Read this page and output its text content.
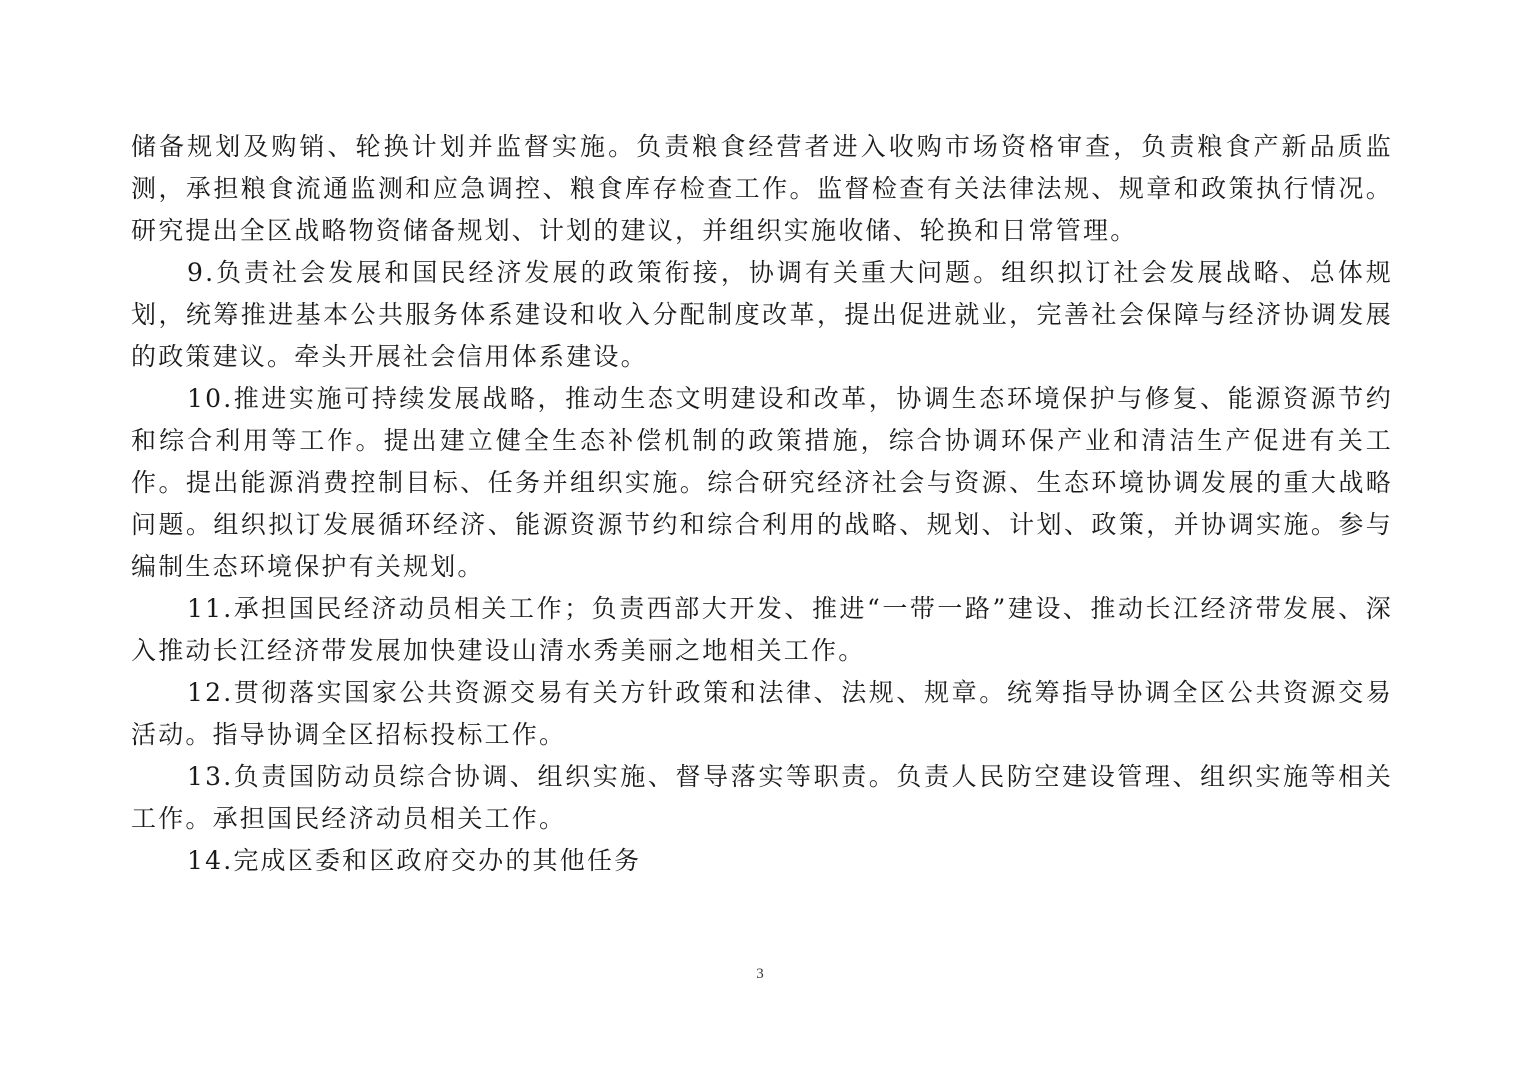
储备规划及购销、轮换计划并监督实施。负责粮食经营者进入收购市场资格审查，负责粮食产新品质监测，承担粮食流通监测和应急调控、粮食库存检查工作。监督检查有关法律法规、规章和政策执行情况。研究提出全区战略物资储备规划、计划的建议，并组织实施收储、轮换和日常管理。

9.负责社会发展和国民经济发展的政策衔接，协调有关重大问题。组织拟订社会发展战略、总体规划，统筹推进基本公共服务体系建设和收入分配制度改革，提出促进就业，完善社会保障与经济协调发展的政策建议。牵头开展社会信用体系建设。

10.推进实施可持续发展战略，推动生态文明建设和改革，协调生态环境保护与修复、能源资源节约和综合利用等工作。提出建立健全生态补偿机制的政策措施，综合协调环保产业和清洁生产促进有关工作。提出能源消费控制目标、任务并组织实施。综合研究经济社会与资源、生态环境协调发展的重大战略问题。组织拟订发展循环经济、能源资源节约和综合利用的战略、规划、计划、政策，并协调实施。参与编制生态环境保护有关规划。

11.承担国民经济动员相关工作；负责西部大开发、推进“一带一路”建设、推动长江经济带发展、深入推动长江经济带发展加快建设山清水秀美丽之地相关工作。

12.贯彻落实国家公共资源交易有关方针政策和法律、法规、规章。统筹指导协调全区公共资源交易活动。指导协调全区招标投标工作。

13.负责国防动员综合协调、组织实施、督导落实等职责。负责人民防空建设管理、组织实施等相关工作。承担国民经济动员相关工作。

14.完成区委和区政府交办的其他任务

3
